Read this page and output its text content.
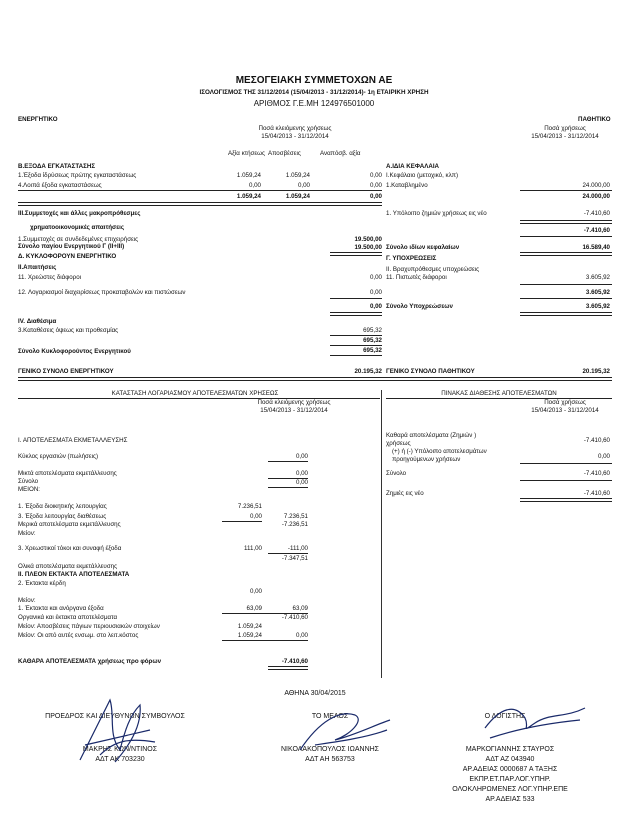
ΜΕΣΟΓΕΙΑΚΗ ΣΥΜΜΕΤΟΧΩΝ ΑΕ
ΙΣΟΛΟΓΙΣΜΟΣ ΤΗΣ 31/12/2014 (15/04/2013 - 31/12/2014)- 1η ΕΤΑΙΡΙΚΗ ΧΡΗΣΗ
ΑΡΙΘΜΟΣ Γ.Ε.ΜΗ 124976501000
ΕΝΕΡΓΗΤΙΚΟ	ΠΑΘΗΤΙΚΟ
Ποσά κλειόμενης χρήσεως
15/04/2013 - 31/12/2014
Ποσά χρήσεως
15/04/2013 - 31/12/2014
Αξία κτήσεως Αποσβέσεις	Αναπόσβ. αξία
Β.ΕΞΟΔΑ ΕΓΚΑΤΑΣΤΑΣΗΣ
1.Έξοδα ίδρύσεως πρώτης εγκαταστάσεως	1.059,24	1.059,24	0,00
4.Λοιπά έξοδα εγκαταστάσεως	0,00	0,00	0,00
1.059,24	1.059,24	0,00
Α.ΙΔΙΑ ΚΕΦΑΛΑΙΑ
Ι.Κεφάλαιο (μετοχικό, κλπ)
1.Καταβλημένο	24.000,00
24.000,00
ΙΙΙ.Συμμετοχές και άλλες μακροπρόθεσμες
χρηματοοικονομικές απαιτήσεις
1.Συμμετοχές σε συνδεδεμένες επιχειρήσεις	19.500,00
Σύνολο παγίου Ενεργητικού Γ (ΙΙ+ΙΙΙ)	19.500,00
1. Υπόλοιπο ζημιών χρήσεως εις νέο	-7.410,60
-7.410,60
Σύνολο ιδίων κεφαλαίων	16.589,40
Δ. ΚΥΚΛΟΦΟΡΟΥΝ ΕΝΕΡΓΗΤΙΚΟ
ΙΙ.Απαιτήσεις
11. Χρεώστες διάφοροι	0,00
12. Λογαριασμοί διαχειρίσεως προκαταβολών και πιστώσεων	0,00
0,00
Γ. ΥΠΟΧΡΕΩΣΕΙΣ
ΙΙ. Βραχυπρόθεσμες υποχρεώσεις
11. Πιστωτές διάφοροι	3.605,92
3.605,92
Σύνολο Υποχρεώσεων	3.605,92
IV. Διαθέσιμα
3.Καταθέσεις όψεως και προθεσμίας	695,32
695,32
Σύνολο Κυκλοφορούντος Ενεργητικού	695,32
ΓΕΝΙΚΟ ΣΥΝΟΛΟ ΕΝΕΡΓΗΤΙΚΟΥ	20.195,32 ΓΕΝΙΚΟ ΣΥΝΟΛΟ ΠΑΘΗΤΙΚΟΥ	20.195,32
ΚΑΤΑΣΤΑΣΗ ΛΟΓΑΡΙΑΣΜΟΥ ΑΠΟΤΕΛΕΣΜΑΤΩΝ ΧΡΗΣΕΩΣ
Ποσά κλειόμενης χρήσεως
15/04/2013 - 31/12/2014
Ι. ΑΠΟΤΕΛΕΣΜΑΤΑ ΕΚΜΕΤΑΛΛΕΥΣΗΣ
Κύκλος εργασιών (πωλήσεις)	0,00
Μικτά αποτελέσματα εκμετάλλευσης	0,00
Σύνολο	0,00
ΜΕΙΟΝ:
1. Έξοδα διοικητικής λειτουργίας	7.236,51
3. Έξοδα λειτουργίας διαθέσεως	0,00	7.236,51
Μερικά αποτελέσματα εκμετάλλευσης	-7.236,51
Μείον:
3. Χρεωστικοί τόκοι και συναφή έξοδα	111,00	-111,00
-7.347,51
Ολικά αποτελέσματα εκμετάλλευσης
ΙΙ. ΠΛΕΟΝ ΕΚΤΑΚΤΑ ΑΠΟΤΕΛΕΣΜΑΤΑ
2. Έκτακτα κέρδη
0,00
Μείον:
1. Έκτακτα και ανόργανα έξοδα	63,09	63,09
Οργανικά και έκτακτα αποτελέσματα	-7.410,60
Μείον: Αποσβέσεις πάγιων περιουσιακών στοιχείων	1.059,24
Μείον: Οι από αυτές ενσωμ. στο λειτ.κόστος	1.059,24	0,00
ΚΑΘΑΡΑ ΑΠΟΤΕΛΕΣΜΑΤΑ χρήσεως προ φόρων	-7.410,60
ΠΙΝΑΚΑΣ ΔΙΑΘΕΣΗΣ ΑΠΟΤΕΛΕΣΜΑΤΩΝ
Ποσά χρήσεως
15/04/2013 - 31/12/2014
Καθαρά αποτελέσματα (Ζημιών )
χρήσεως	-7.410,60
(+) ή (-) Υπόλοιπο αποτελεσμάτων
προηγούμενων χρήσεων	0,00
Σύνολο	-7.410,60
Ζημιές εις νέο	-7.410,60
ΑΘΗΝΑ 30/04/2015
ΠΡΟΕΔΡΟΣ ΚΑΙ ΔΙΕΥΘΥΝΩΝ ΣΥΜΒΟΥΛΟΣ
ΜΑΚΡΗΣ ΚΩΝ/ΝΤΙΝΟΣ
ΑΔΤ ΑΚ 703230
ΤΟ ΜΕΛΟΣ
ΝΙΚΟΛΑΚΟΠΟΥΛΟΣ ΙΩΑΝΝΗΣ
ΑΔΤ ΑΗ 563753
Ο ΛΟΓΙΣΤΗΣ
ΜΑΡΚΟΓΙΑΝΝΗΣ ΣΤΑΥΡΟΣ
ΑΔΤ ΑΖ 043940
ΑΡ.ΑΔΕΙΑΣ 0000687 Α ΤΑΞΗΣ
ΕΚΠΡ.ΕΤ.ΠΑΡ.ΛΟΓ.ΥΠΗΡ.
ΟΛΟΚΛΗΡΩΜΕΝΕΣ ΛΟΓ.ΥΠΗΡ.ΕΠΕ
ΑΡ.ΑΔΕΙΑΣ 533
